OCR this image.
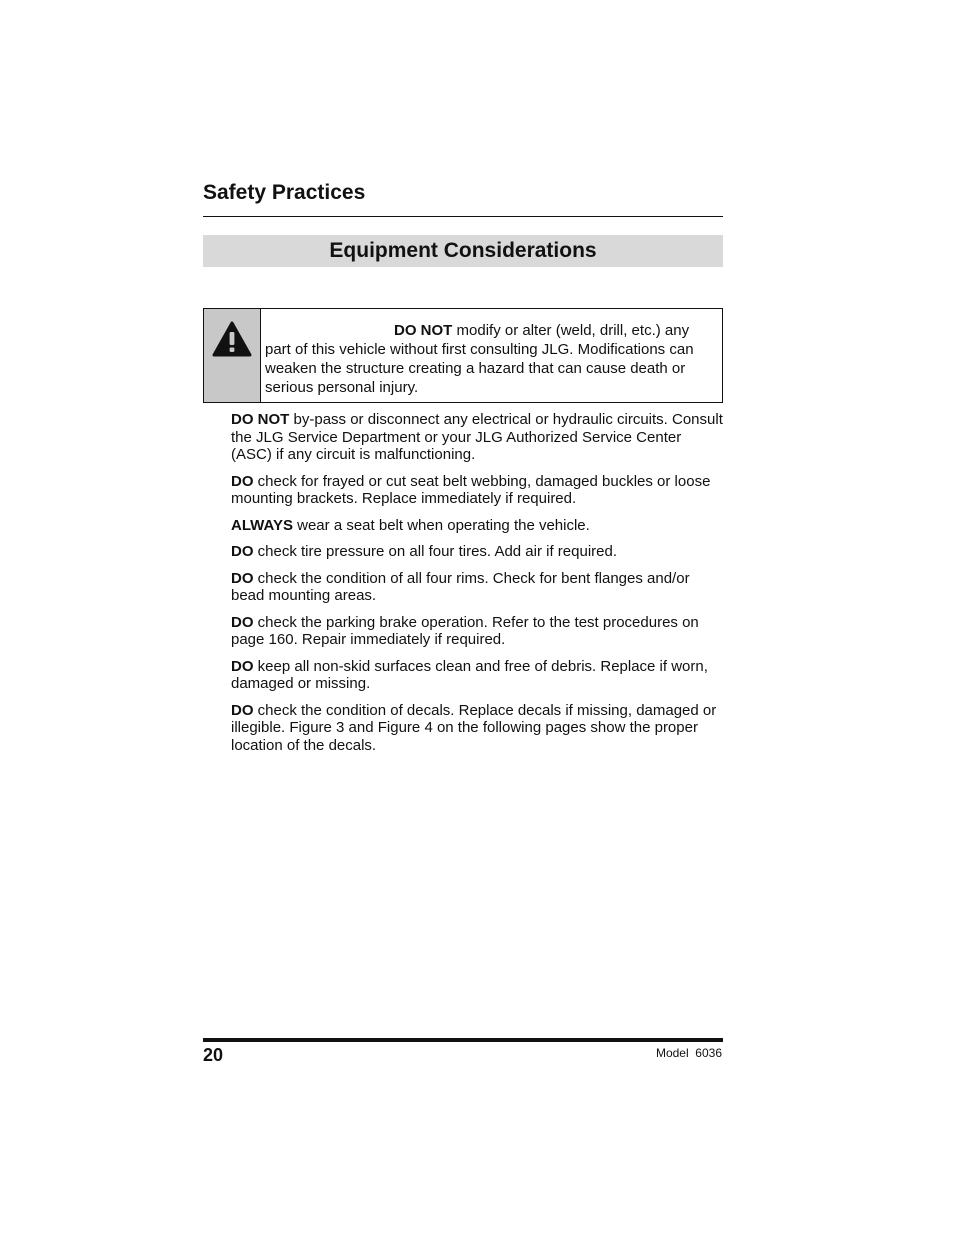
Safety Practices
Equipment Considerations
DO NOT modify or alter (weld, drill, etc.) any part of this vehicle without first consulting JLG. Modifications can weaken the structure creating a hazard that can cause death or serious personal injury.

DO NOT by-pass or disconnect any electrical or hydraulic circuits. Consult the JLG Service Department or your JLG Authorized Service Center (ASC) if any circuit is malfunctioning.

DO check for frayed or cut seat belt webbing, damaged buckles or loose mounting brackets. Replace immediately if required.

ALWAYS wear a seat belt when operating the vehicle.

DO check tire pressure on all four tires. Add air if required.

DO check the condition of all four rims. Check for bent flanges and/or bead mounting areas.

DO check the parking brake operation. Refer to the test procedures on page 160. Repair immediately if required.

DO keep all non-skid surfaces clean and free of debris. Replace if worn, damaged or missing.

DO check the condition of decals. Replace decals if missing, damaged or illegible. Figure 3 and Figure 4 on the following pages show the proper location of the decals.

20	Model  6036
